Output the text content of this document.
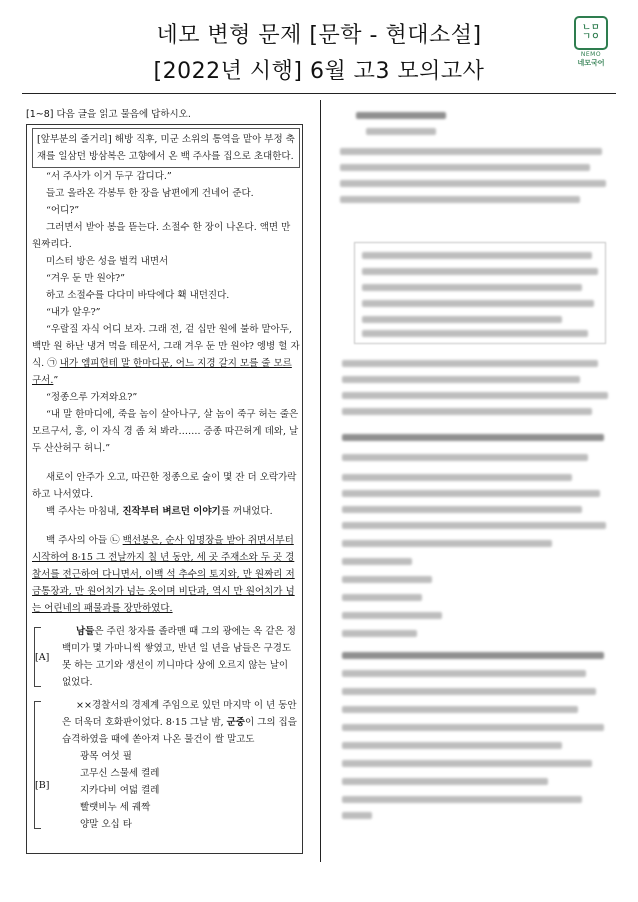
네모 변형 문제 [문학 - 현대소설]
[2022년 시행] 6월 고3 모의고사
ㄴㅁ
ㄱㅇ
NEMO
네모국어
[1~8] 다음 글을 읽고 물음에 답하시오.

[앞부분의 줄거리] 해방 직후, 미군 소위의 통역을 맡아 부정 축재를 일삼던 방삼복은 고향에서 온 백 주사를 집으로 초대한다.

“서 주사가 이거 두구 갑디다.”

들고 올라온 각봉투 한 장을 남편에게 건네어 준다.

“어디?”

그러면서 받아 봉을 뜯는다. 소절수 한 장이 나온다. 액면 만 원짜리다.

미스터 방은 성을 벌컥 내면서

“겨우 둔 만 원야?”

하고 소절수를 다다미 바닥에다 홱 내던진다.

“내가 알우?”

“우랄질 자식 어디 보자. 그래 전, 겉 십만 원에 불하 맡아두, 백만 원 하난 냉겨 먹을 테문서, 그래 겨우 둔 만 원야? 엥병 헐 자식. ㉠ 내가 엠피헌테 말 한마디문, 어느 지경 갈지 모를 줄 모르구서.”

“정종으루 가져와요?”

“내 말 한마디에, 죽을 놈이 살아나구, 살 놈이 죽구 허는 줄은 모르구서, 흥, 이 자식 경 좀 쳐 봐라……. 증종 따끈허게 데와, 날두 산산허구 허니.”

새로이 안주가 오고, 따끈한 정종으로 술이 몇 잔 더 오락가락하고 나서였다.

백 주사는 마침내, 진작부터 벼르던 이야기를 꺼내었다.

백 주사의 아들 ㉡ 백선봉은, 순사 임명장을 받아 쥐면서부터 시작하여 8·15 그 전날까지 칠 년 동안, 세 곳 주재소와 두 곳 경찰서를 전근하여 다니면서, 이백 석 추수의 토지와, 만 원짜리 저금통장과, 만 원어치가 넘는 옷이며 비단과, 역시 만 원어치가 넘는 어린네의 패물과를 장만하였다.

[A]

남들은 주린 창자를 졸라맨 때 그의 광에는 옥 같은 정백미가 몇 가마니씩 쌓였고, 반년 일 년을 남들은 구경도 못 하는 고기와 생선이 끼니마다 상에 오르지 않는 날이 없었다.

[B]

××경찰서의 경제계 주임으로 있던 마지막 이 년 동안은 더욱더 호화판이었다. 8·15 그날 밤, 군중이 그의 집을 습격하였을 때에 쏟아져 나온 물건이 쌀 말고도

광목 여섯 필

고무신 스물세 켤레

지카다비 여덟 켤레

빨랫비누 세 궤짝

양말 오십 타
